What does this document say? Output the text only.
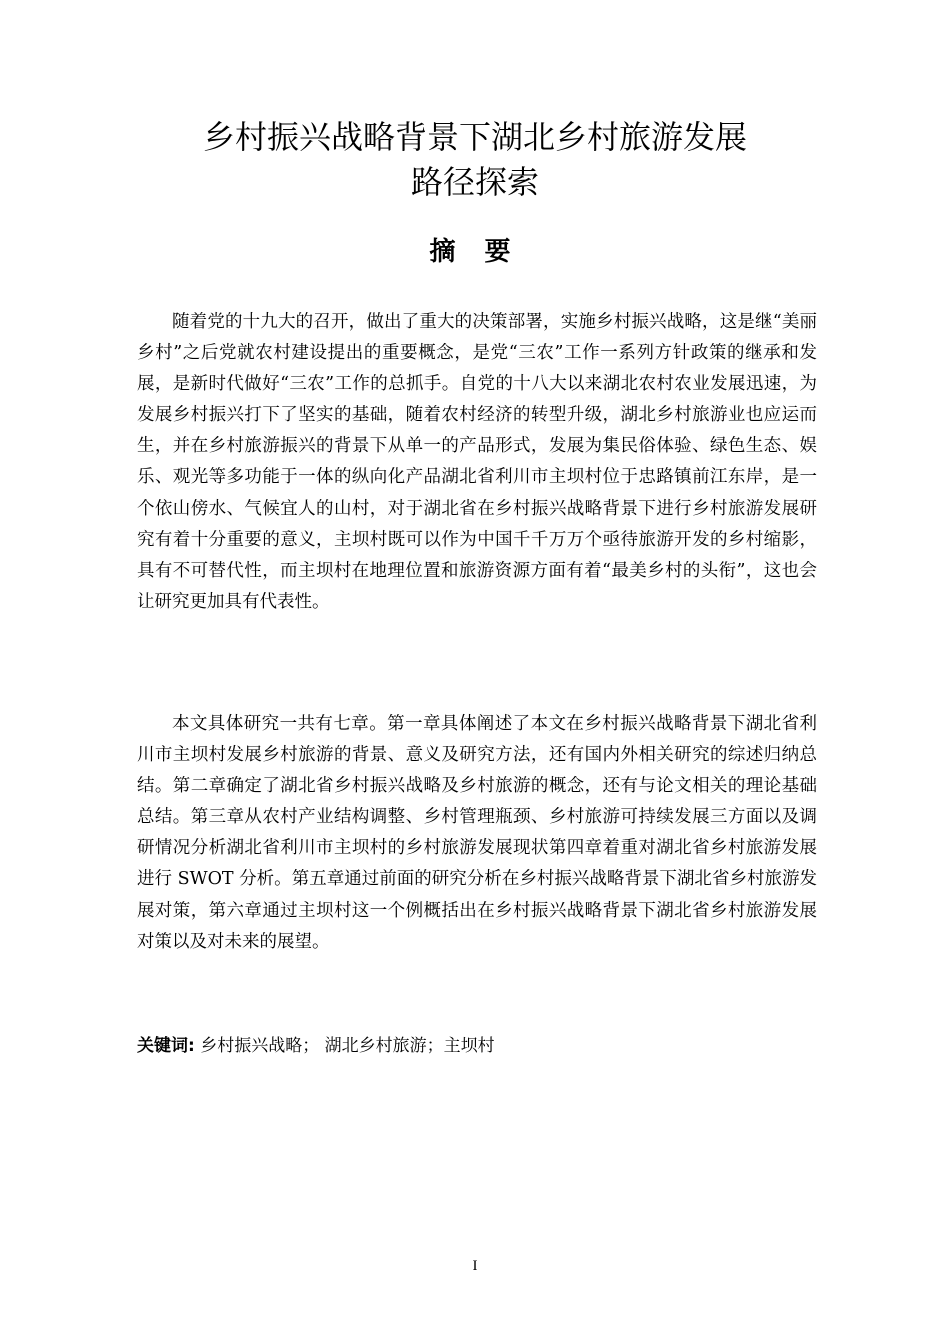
乡村振兴战略背景下湖北乡村旅游发展
路径探索
摘 要

随着党的十九大的召开，做出了重大的决策部署，实施乡村振兴战略，这是继“美丽乡村”之后党就农村建设提出的重要概念，是党“三农”工作一系列方针政策的继承和发展，是新时代做好“三农”工作的总抓手。自党的十八大以来湖北农村农业发展迅速，为发展乡村振兴打下了坚实的基础，随着农村经济的转型升级，湖北乡村旅游业也应运而生，并在乡村旅游振兴的背景下从单一的产品形式，发展为集民俗体验、绿色生态、娱乐、观光等多功能于一体的纵向化产品湖北省利川市主坝村位于忠路镇前江东岸，是一个依山傍水、气候宜人的山村，对于湖北省在乡村振兴战略背景下进行乡村旅游发展研究有着十分重要的意义，主坝村既可以作为中国千千万万个亟待旅游开发的乡村缩影，具有不可替代性，而主坝村在地理位置和旅游资源方面有着“最美乡村的头衔”，这也会让研究更加具有代表性。

本文具体研究一共有七章。第一章具体阐述了本文在乡村振兴战略背景下湖北省利川市主坝村发展乡村旅游的背景、意义及研究方法，还有国内外相关研究的综述归纳总结。第二章确定了湖北省乡村振兴战略及乡村旅游的概念，还有与论文相关的理论基础总结。第三章从农村产业结构调整、乡村管理瓶颈、乡村旅游可持续发展三方面以及调研情况分析湖北省利川市主坝村的乡村旅游发展现状第四章着重对湖北省乡村旅游发展进行 SWOT 分析。第五章通过前面的研究分析在乡村振兴战略背景下湖北省乡村旅游发展对策，第六章通过主坝村这一个例概括出在乡村振兴战略背景下湖北省乡村旅游发展对策以及对未来的展望。

关键词: 乡村振兴战略； 湖北乡村旅游；主坝村
I
